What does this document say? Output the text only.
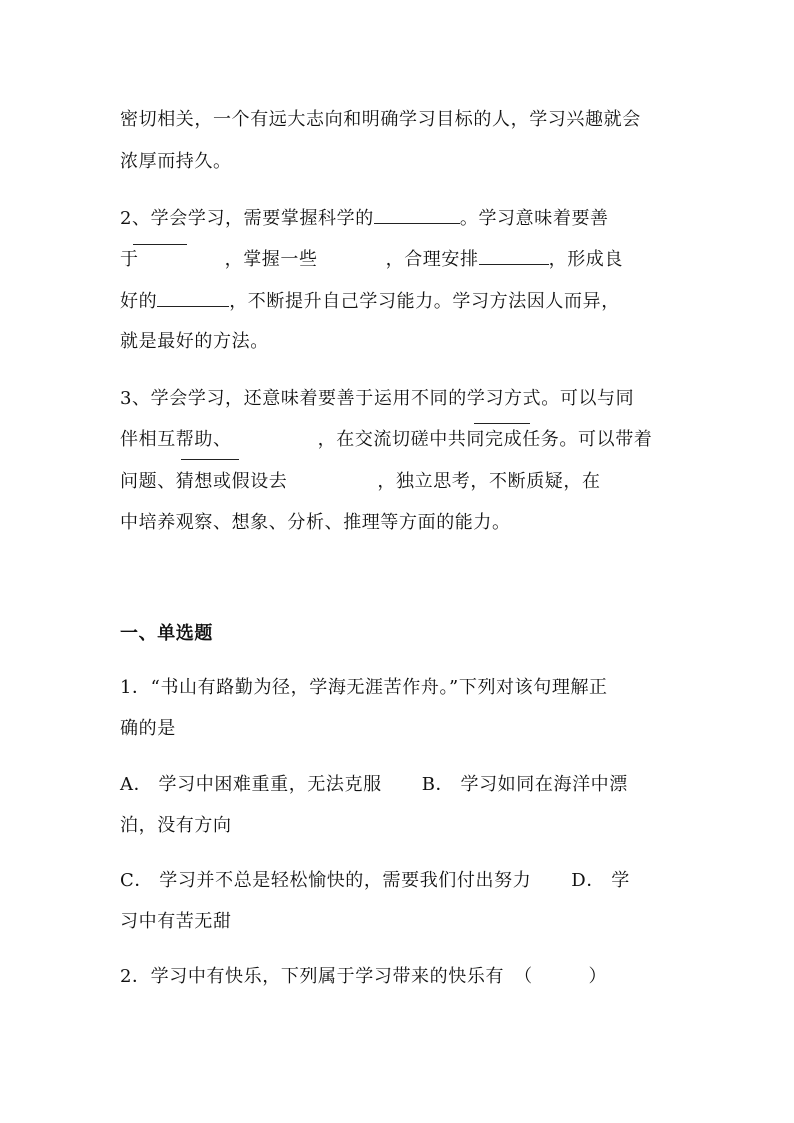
密切相关，一个有远大志向和明确学习目标的人，学习兴趣就会
浓厚而持久。
2、学会学习，需要掌握科学的	。学习意味着要善
于	，掌握一些	，合理安排	，形成良
好的	，不断提升自己学习能力。学习方法因人而异，
就是最好的方法。
3、学会学习，还意味着要善于运用不同的学习方式。可以与同
伴相互帮助、	，在交流切磋中共同完成任务。可以带着
问题、猜想或假设去	，独立思考，不断质疑，在
中培养观察、想象、分析、推理等方面的能力。
一、单选题
1．“书山有路勤为径，学海无涯苦作舟。”下列对该句理解正
确的是
A． 学习中困难重重，无法克服 B． 学习如同在海洋中漂
泊，没有方向
C． 学习并不总是轻松愉快的，需要我们付出努力 D． 学
习中有苦无甜
2．学习中有快乐，下列属于学习带来的快乐有 （　　　）
